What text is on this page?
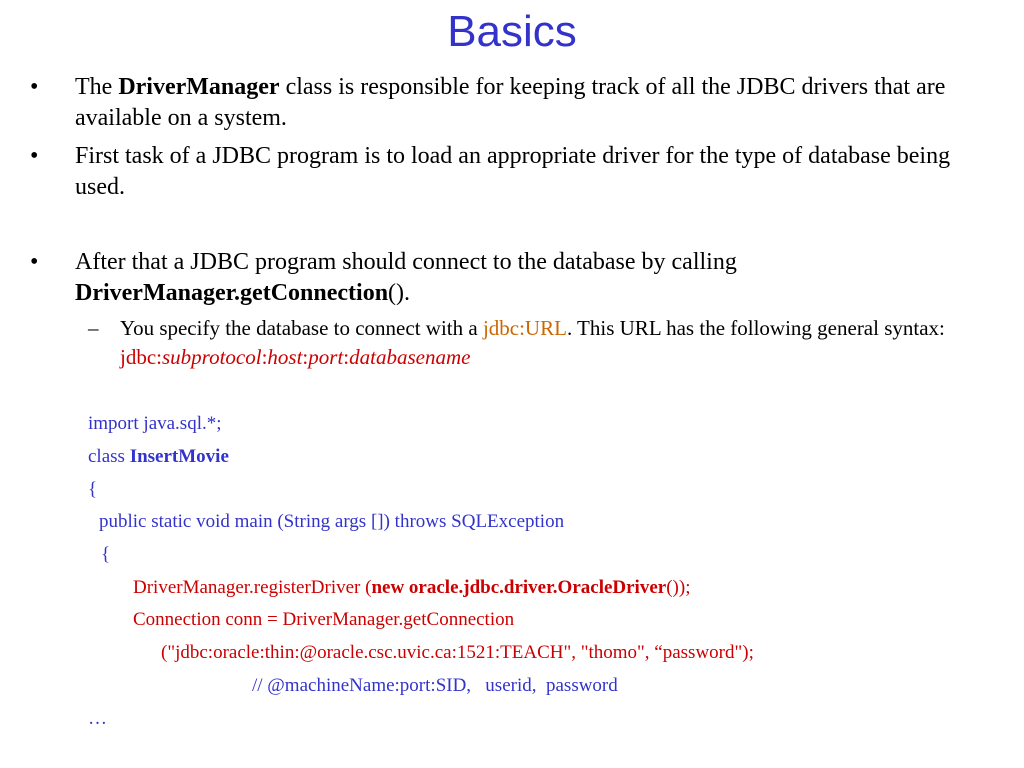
Basics
•	The DriverManager class is responsible for keeping track of all the JDBC drivers that are available on a system.
•	First task of a JDBC program is to load an appropriate driver for the type of database being used.
•	After that a JDBC program should connect to the database by calling DriverManager.getConnection().
– You specify the database to connect with a jdbc:URL. This URL has the following general syntax: jdbc:subprotocol:host:port:databasename
import java.sql.*;
class InsertMovie
{
public static void main (String args []) throws SQLException
{
DriverManager.registerDriver (new oracle.jdbc.driver.OracleDriver());
Connection conn = DriverManager.getConnection
("jdbc:oracle:thin:@oracle.csc.uvic.ca:1521:TEACH", "thomo", “password");
// @machineName:port:SID,   userid,  password
…
